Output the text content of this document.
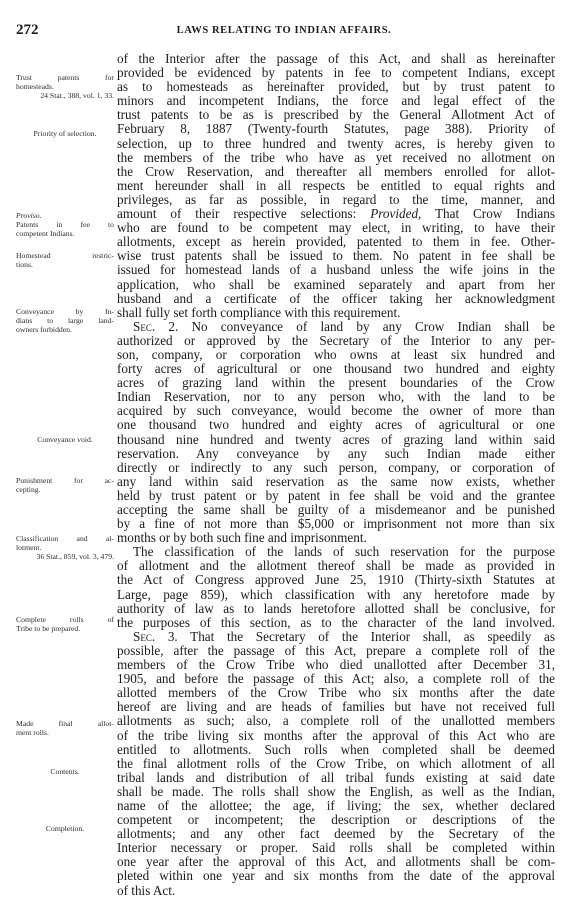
272	LAWS RELATING TO INDIAN AFFAIRS.
Trust patents for
homesteads.
24 Stat., 388, vol. 1, 33.
Priority of selection.
Proviso.
Patents in fee to
competent Indians.
Homestead restric-
tions.
Conveyance by In-
dians to large land-
owners forbidden.
Conveyance void.
Punishment for ac-
cepting.
Classification and al-
lotment.
36 Stat., 859, vol. 3, 479.
Complete rolls of
Tribe to be prepared.
Made final allot-
ment rolls.
Contents.
Completion.
of the Interior after the passage of this Act, and shall as hereinafter
provided be evidenced by patents in fee to competent Indians, except
as to homesteads as hereinafter provided, but by trust patent to
minors and incompetent Indians, the force and legal effect of the
trust patents to be as is prescribed by the General Allotment Act of
February 8, 1887 (Twenty-fourth Statutes, page 388). Priority of
selection, up to three hundred and twenty acres, is hereby given to
the members of the tribe who have as yet received no allotment on
the Crow Reservation, and thereafter all members enrolled for allot-
ment hereunder shall in all respects be entitled to equal rights and
privileges, as far as possible, in regard to the time, manner, and
amount of their respective selections: Provided, That Crow Indians
who are found to be competent may elect, in writing, to have their
allotments, except as herein provided, patented to them in fee. Other-
wise trust patents shall be issued to them. No patent in fee shall be
issued for homestead lands of a husband unless the wife joins in the
application, who shall be examined separately and apart from her
husband and a certificate of the officer taking her acknowledgment
shall fully set forth compliance with this requirement.
Sec. 2. No conveyance of land by any Crow Indian shall be
authorized or approved by the Secretary of the Interior to any per-
son, company, or corporation who owns at least six hundred and
forty acres of agricultural or one thousand two hundred and eighty
acres of grazing land within the present boundaries of the Crow
Indian Reservation, nor to any person who, with the land to be
acquired by such conveyance, would become the owner of more than
one thousand two hundred and eighty acres of agricultural or one
thousand nine hundred and twenty acres of grazing land within said
reservation. Any conveyance by any such Indian made either
directly or indirectly to any such person, company, or corporation of
any land within said reservation as the same now exists, whether
held by trust patent or by patent in fee shall be void and the grantee
accepting the same shall be guilty of a misdemeanor and be punished
by a fine of not more than $5,000 or imprisonment not more than six
months or by both such fine and imprisonment.
The classification of the lands of such reservation for the purpose
of allotment and the allotment thereof shall be made as provided in
the Act of Congress approved June 25, 1910 (Thirty-sixth Statutes at
Large, page 859), which classification with any heretofore made by
authority of law as to lands heretofore allotted shall be conclusive, for
the purposes of this section, as to the character of the land involved.
Sec. 3. That the Secretary of the Interior shall, as speedily as
possible, after the passage of this Act, prepare a complete roll of the
members of the Crow Tribe who died unallotted after December 31,
1905, and before the passage of this Act; also, a complete roll of the
allotted members of the Crow Tribe who six months after the date
hereof are living and are heads of families but have not received full
allotments as such; also, a complete roll of the unallotted members
of the tribe living six months after the approval of this Act who are
entitled to allotments. Such rolls when completed shall be deemed
the final allotment rolls of the Crow Tribe, on which allotment of all
tribal lands and distribution of all tribal funds existing at said date
shall be made. The rolls shall show the English, as well as the Indian,
name of the allottee; the age, if living; the sex, whether declared
competent or incompetent; the description or descriptions of the
allotments; and any other fact deemed by the Secretary of the
Interior necessary or proper. Said rolls shall be completed within
one year after the approval of this Act, and allotments shall be com-
pleted within one year and six months from the date of the approval
of this Act.
